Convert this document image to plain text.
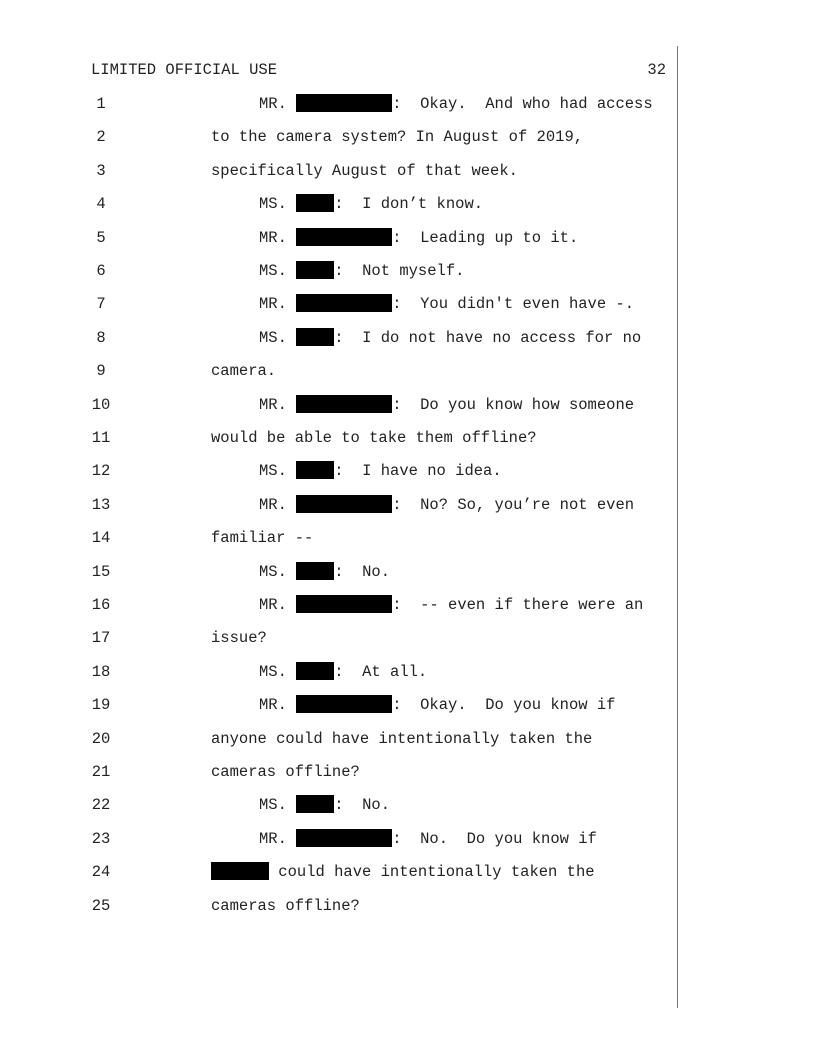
LIMITED OFFICIAL USE	32
1	MR.	:  Okay.  And who had access
2	to the camera system? In August of 2019,
3	specifically August of that week.
4	MS. :  I don’t know.
5	MR.	:  Leading up to it.
6	MS. :  Not myself.
7	MR.	:  You didn't even have -.
8	MS. :  I do not have no access for no
9	camera.
10	MR.	:  Do you know how someone
11	would be able to take them offline?
12	MS. :  I have no idea.
13	MR.	:  No? So, you’re not even
14	familiar --
15	MS. :  No.
16	MR.	:  -- even if there were an
17	issue?
18	MS. :  At all.
19	MR.	:  Okay.  Do you know if
20	anyone could have intentionally taken the
21	cameras offline?
22	MS. :  No.
23	MR.	:  No.  Do you know if
24	could have intentionally taken the
25	cameras offline?
